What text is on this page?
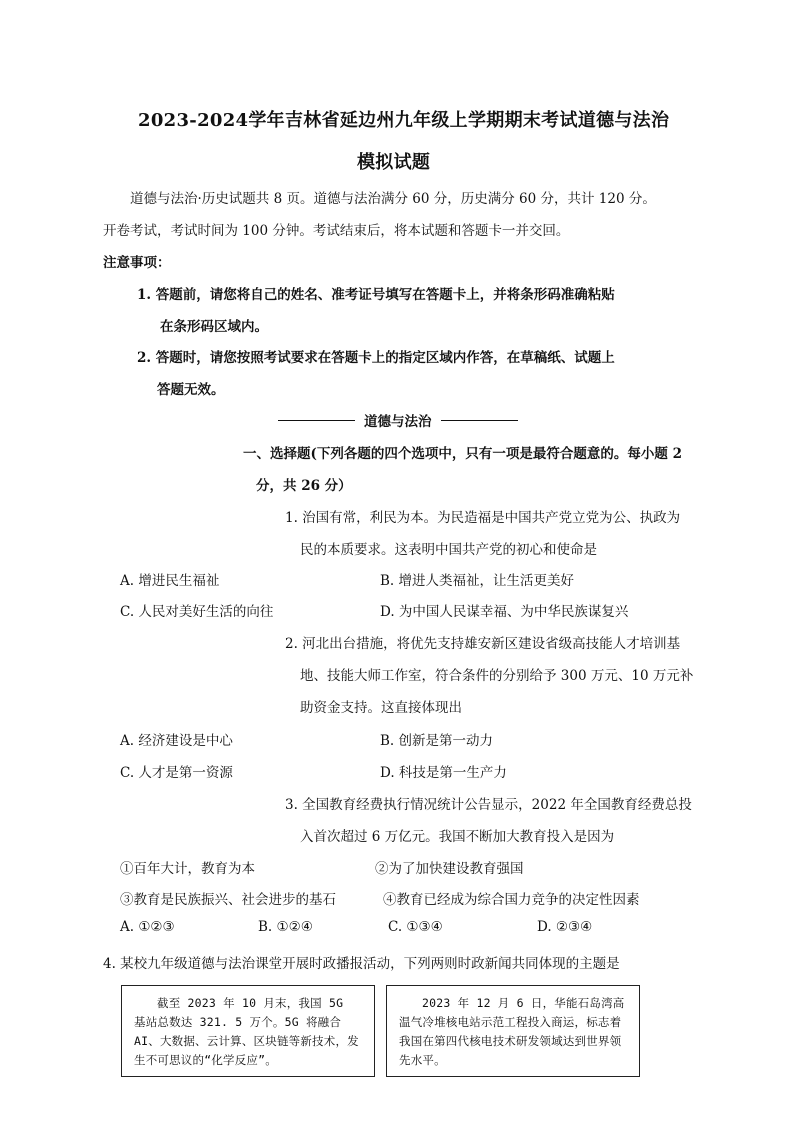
2023-2024学年吉林省延边州九年级上学期期末考试道德与法治
模拟试题
道德与法治·历史试题共 8 页。道德与法治满分 60 分，历史满分 60 分，共计 120 分。
开卷考试，考试时间为 100 分钟。考试结束后，将本试题和答题卡一并交回。
注意事项：
1. 答题前，请您将自己的姓名、准考证号填写在答题卡上，并将条形码准确粘贴
在条形码区域内。
2. 答题时，请您按照考试要求在答题卡上的指定区域内作答，在草稿纸、试题上
答题无效。
道德与法治
一、选择题(下列各题的四个选项中，只有一项是最符合题意的。每小题 2
分，共 26 分）
1. 治国有常，利民为本。为民造福是中国共产党立党为公、执政为
民的本质要求。这表明中国共产党的初心和使命是
A. 增进民生福祉	B. 增进人类福祉，让生活更美好
C. 人民对美好生活的向往	D. 为中国人民谋幸福、为中华民族谋复兴
2. 河北出台措施，将优先支持雄安新区建设省级高技能人才培训基
地、技能大师工作室，符合条件的分别给予 300 万元、10 万元补
助资金支持。这直接体现出
A. 经济建设是中心	B. 创新是第一动力
C. 人才是第一资源	D. 科技是第一生产力
3. 全国教育经费执行情况统计公告显示，2022 年全国教育经费总投
入首次超过 6 万亿元。我国不断加大教育投入是因为
①百年大计，教育为本	②为了加快建设教育强国
③教育是民族振兴、社会进步的基石	④教育已经成为综合国力竞争的决定性因素
A. ①②③	B. ①②④	C. ①③④	D. ②③④
4. 某校九年级道德与法治课堂开展时政播报活动，下列两则时政新闻共同体现的主题是

截至 2023 年 10 月末，我国 5G 基站总数达 321. 5 万个。5G 将融合 AI、大数据、云计算、区块链等新技术，发生不可思议的“化学反应”。

2023 年 12 月 6 日，华能石岛湾高温气冷堆核电站示范工程投入商运，标志着我国在第四代核电技术研发领域达到世界领先水平。
